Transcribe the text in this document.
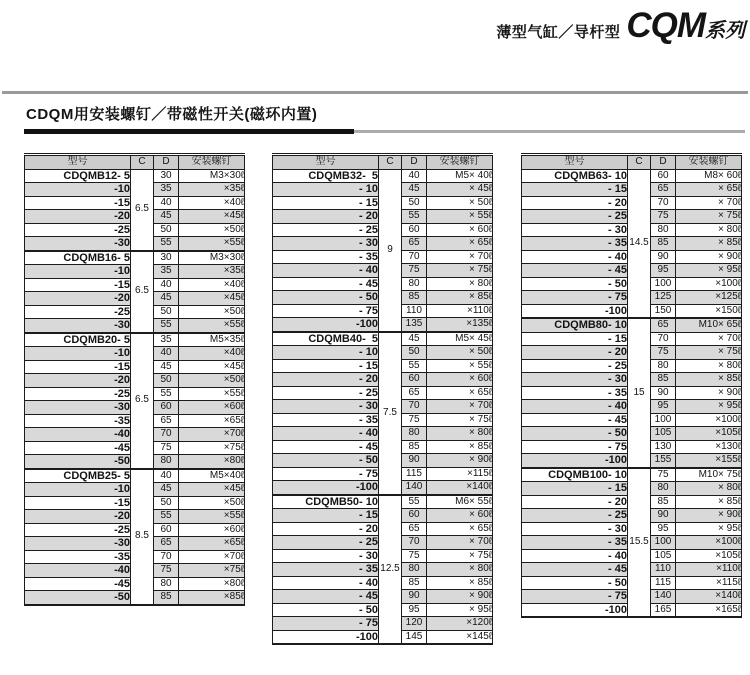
薄型气缸／导杆型 CQM系列
CDQM用安装螺钉／带磁性开关(磁环内置)
型号	C	D	安装螺钉
CDQMB12- 5	6.5	30	M3×30ℓ
-10		35	×35ℓ
-15		40	×40ℓ
-20		45	×45ℓ
-25		50	×50ℓ
-30		55	×55ℓ
CDQMB16- 5	6.5	30	M3×30ℓ
-10		35	×35ℓ
-15		40	×40ℓ
-20		45	×45ℓ
-25		50	×50ℓ
-30		55	×55ℓ
CDQMB20- 5	6.5	35	M5×35ℓ
-10		40	×40ℓ
-15		45	×45ℓ
-20		50	×50ℓ
-25		55	×55ℓ
-30		60	×60ℓ
-35		65	×65ℓ
-40		70	×70ℓ
-45		75	×75ℓ
-50		80	×80ℓ
CDQMB25- 5	8.5	40	M5×40ℓ
-10		45	×45ℓ
-15		50	×50ℓ
-20		55	×55ℓ
-25		60	×60ℓ
-30		65	×65ℓ
-35		70	×70ℓ
-40		75	×75ℓ
-45		80	×80ℓ
-50		85	×85ℓ
型号	C	D	安装螺钉
CDQMB32-  5	9	40	M5× 40ℓ
- 10		45	× 45ℓ
- 15		50	× 50ℓ
- 20		55	× 55ℓ
- 25		60	× 60ℓ
- 30		65	× 65ℓ
- 35		70	× 70ℓ
- 40		75	× 75ℓ
- 45		80	× 80ℓ
- 50		85	× 85ℓ
- 75		110	×110ℓ
-100		135	×135ℓ
CDQMB40-  5	7.5	45	M5× 45ℓ
- 10		50	× 50ℓ
- 15		55	× 55ℓ
- 20		60	× 60ℓ
- 25		65	× 65ℓ
- 30		70	× 70ℓ
- 35		75	× 75ℓ
- 40		80	× 80ℓ
- 45		85	× 85ℓ
- 50		90	× 90ℓ
- 75		115	×115ℓ
-100		140	×140ℓ
CDQMB50- 10	12.5	55	M6× 55ℓ
- 15		60	× 60ℓ
- 20		65	× 65ℓ
- 25		70	× 70ℓ
- 30		75	× 75ℓ
- 35		80	× 80ℓ
- 40		85	× 85ℓ
- 45		90	× 90ℓ
- 50		95	× 95ℓ
- 75		120	×120ℓ
-100		145	×145ℓ
型号	C	D	安装螺钉
CDQMB63- 10	14.5	60	M8× 60ℓ
- 15		65	× 65ℓ
- 20		70	× 70ℓ
- 25		75	× 75ℓ
- 30		80	× 80ℓ
- 35		85	× 85ℓ
- 40		90	× 90ℓ
- 45		95	× 95ℓ
- 50		100	×100ℓ
- 75		125	×125ℓ
-100		150	×150ℓ
CDQMB80- 10	15	65	M10× 65ℓ
- 15		70	× 70ℓ
- 20		75	× 75ℓ
- 25		80	× 80ℓ
- 30		85	× 85ℓ
- 35		90	× 90ℓ
- 40		95	× 95ℓ
- 45		100	×100ℓ
- 50		105	×105ℓ
- 75		130	×130ℓ
-100		155	×155ℓ
CDQMB100- 10	15.5	75	M10× 75ℓ
- 15		80	× 80ℓ
- 20		85	× 85ℓ
- 25		90	× 90ℓ
- 30		95	× 95ℓ
- 35		100	×100ℓ
- 40		105	×105ℓ
- 45		110	×110ℓ
- 50		115	×115ℓ
- 75		140	×140ℓ
-100		165	×165ℓ
